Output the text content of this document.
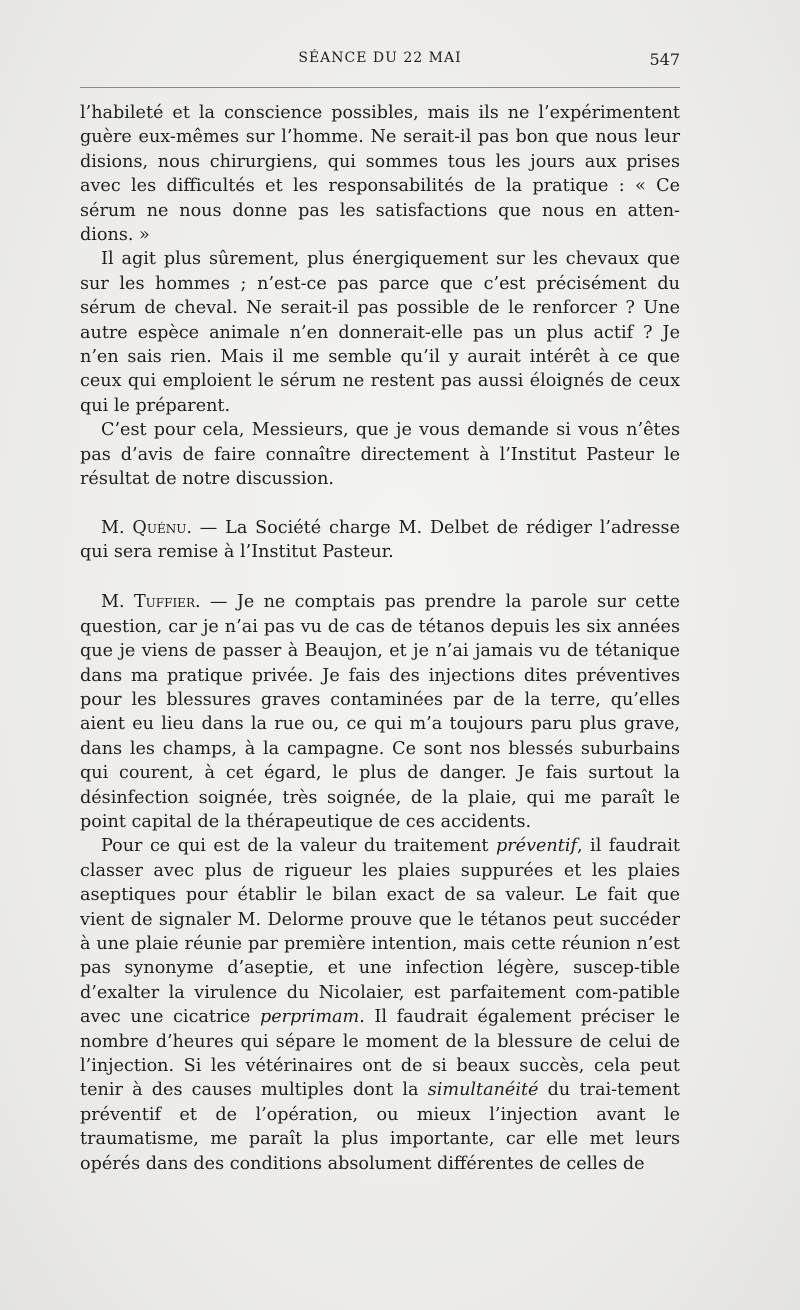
SÉANCE DU 22 MAI	547

l’habileté et la conscience possibles, mais ils ne l’expérimentent guère eux-mêmes sur l’homme. Ne serait-il pas bon que nous leur disions, nous chirurgiens, qui sommes tous les jours aux prises avec les difficultés et les responsabilités de la pratique : « Ce sérum ne nous donne pas les satisfactions que nous en atten-dions. »

Il agit plus sûrement, plus énergiquement sur les chevaux que sur les hommes ; n’est-ce pas parce que c’est précisément du sérum de cheval. Ne serait-il pas possible de le renforcer ? Une autre espèce animale n’en donnerait-elle pas un plus actif ? Je n’en sais rien. Mais il me semble qu’il y aurait intérêt à ce que ceux qui emploient le sérum ne restent pas aussi éloignés de ceux qui le préparent.

C’est pour cela, Messieurs, que je vous demande si vous n’êtes pas d’avis de faire connaître directement à l’Institut Pasteur le résultat de notre discussion.

M. Quénu. — La Société charge M. Delbet de rédiger l’adresse qui sera remise à l’Institut Pasteur.

M. Tuffier. — Je ne comptais pas prendre la parole sur cette question, car je n’ai pas vu de cas de tétanos depuis les six années que je viens de passer à Beaujon, et je n’ai jamais vu de tétanique dans ma pratique privée. Je fais des injections dites préventives pour les blessures graves contaminées par de la terre, qu’elles aient eu lieu dans la rue ou, ce qui m’a toujours paru plus grave, dans les champs, à la campagne. Ce sont nos blessés suburbains qui courent, à cet égard, le plus de danger. Je fais surtout la désinfection soignée, très soignée, de la plaie, qui me paraît le point capital de la thérapeutique de ces accidents.

Pour ce qui est de la valeur du traitement préventif, il faudrait classer avec plus de rigueur les plaies suppurées et les plaies aseptiques pour établir le bilan exact de sa valeur. Le fait que vient de signaler M. Delorme prouve que le tétanos peut succéder à une plaie réunie par première intention, mais cette réunion n’est pas synonyme d’aseptie, et une infection légère, suscep-tible d’exalter la virulence du Nicolaier, est parfaitement com-patible avec une cicatrice perprimam. Il faudrait également préciser le nombre d’heures qui sépare le moment de la blessure de celui de l’injection. Si les vétérinaires ont de si beaux succès, cela peut tenir à des causes multiples dont la simultanéité du trai-tement préventif et de l’opération, ou mieux l’injection avant le traumatisme, me paraît la plus importante, car elle met leurs opérés dans des conditions absolument différentes de celles de
